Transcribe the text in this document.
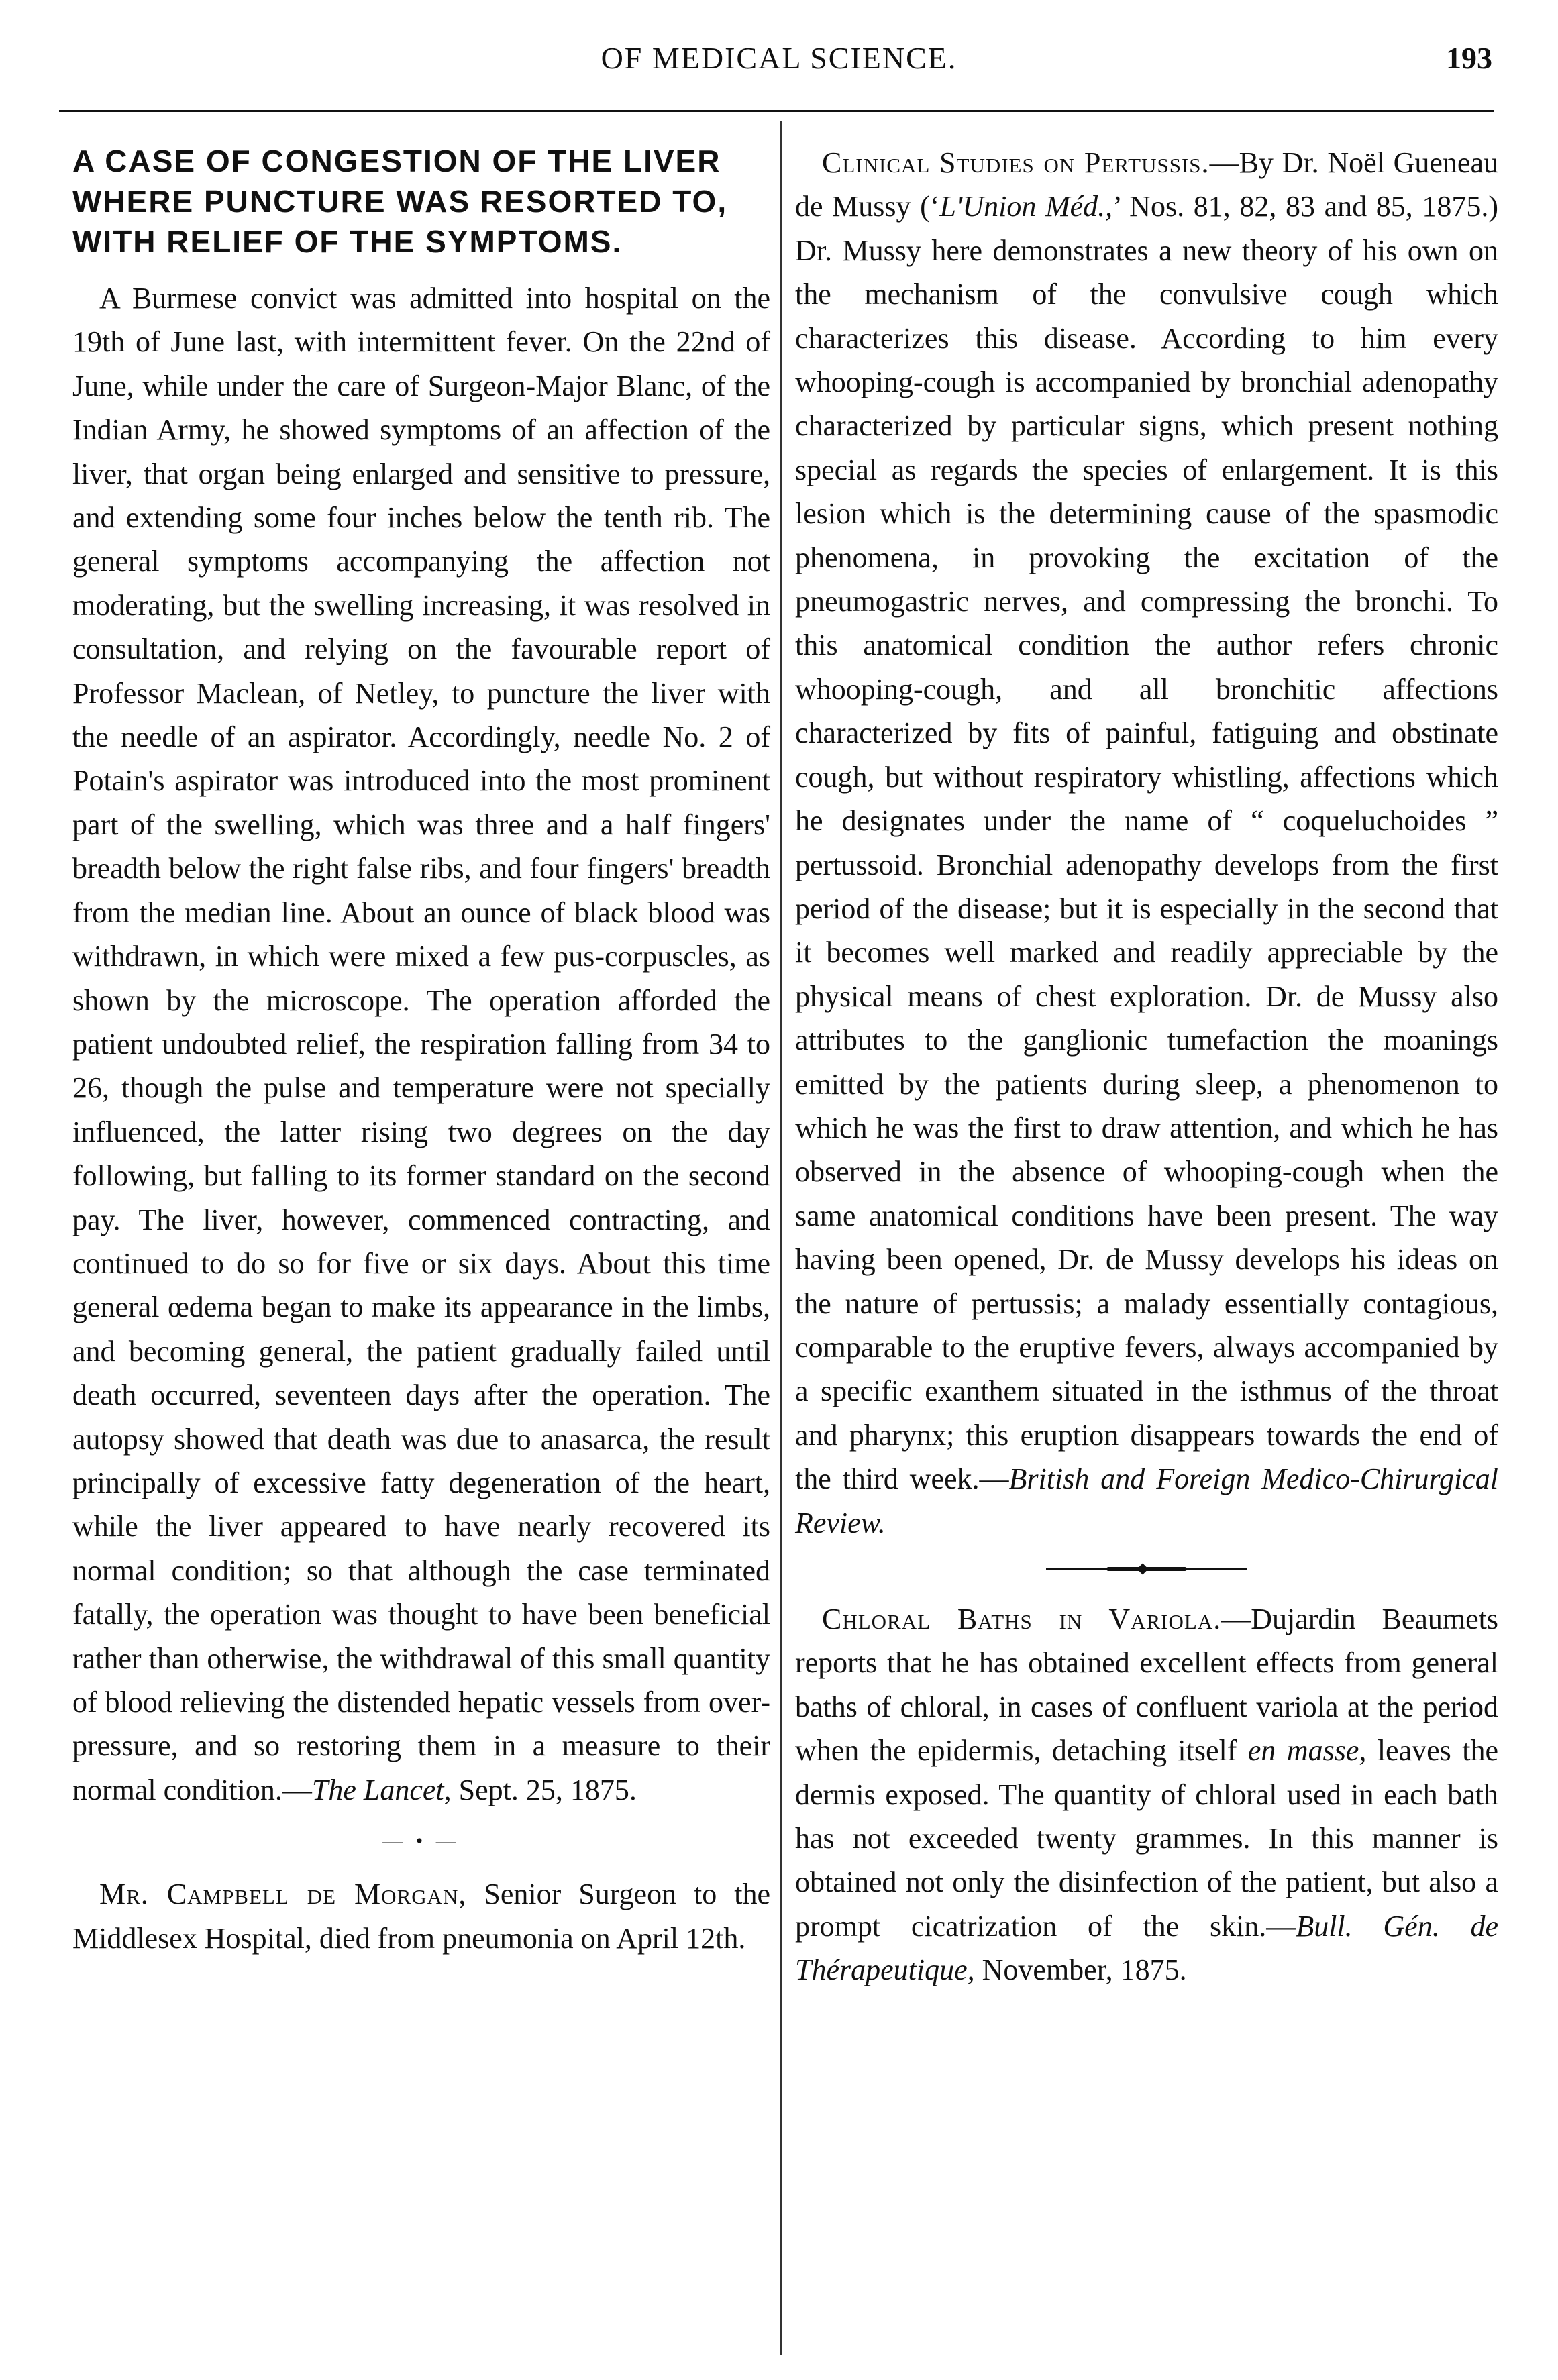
OF MEDICAL SCIENCE.	193
A CASE OF CONGESTION OF THE LIVER WHERE PUNCTURE WAS RESORTED TO, WITH RELIEF OF THE SYMPTOMS.

A Burmese convict was admitted into hospital on the 19th of June last, with intermittent fever. On the 22nd of June, while under the care of Surgeon-Major Blanc, of the Indian Army, he showed symptoms of an affection of the liver, that organ being enlarged and sensitive to pressure, and extending some four inches below the tenth rib. The general symptoms accompanying the affection not moderating, but the swelling increasing, it was resolved in consultation, and relying on the favourable report of Professor Maclean, of Netley, to puncture the liver with the needle of an aspirator. Accordingly, needle No. 2 of Potain's aspirator was introduced into the most prominent part of the swelling, which was three and a half fingers' breadth below the right false ribs, and four fingers' breadth from the median line. About an ounce of black blood was withdrawn, in which were mixed a few pus-corpuscles, as shown by the microscope. The operation afforded the patient undoubted relief, the respiration falling from 34 to 26, though the pulse and temperature were not specially influenced, the latter rising two degrees on the day following, but falling to its former standard on the second pay. The liver, however, commenced contracting, and continued to do so for five or six days. About this time general œdema began to make its appearance in the limbs, and becoming general, the patient gradually failed until death occurred, seventeen days after the operation. The autopsy showed that death was due to anasarca, the result principally of excessive fatty degeneration of the heart, while the liver appeared to have nearly recovered its normal condition; so that although the case terminated fatally, the operation was thought to have been beneficial rather than otherwise, the withdrawal of this small quantity of blood relieving the distended hepatic vessels from over-pressure, and so restoring them in a measure to their normal condition.—The Lancet, Sept. 25, 1875.

— • —

Mr. Campbell de Morgan, Senior Surgeon to the Middlesex Hospital, died from pneumonia on April 12th.

Clinical Studies on Pertussis.—By Dr. Noël Gueneau de Mussy (‘L'Union Méd.,’ Nos. 81, 82, 83 and 85, 1875.) Dr. Mussy here demonstrates a new theory of his own on the mechanism of the convulsive cough which characterizes this disease. According to him every whooping-cough is accompanied by bronchial adenopathy characterized by particular signs, which present nothing special as regards the species of enlargement. It is this lesion which is the determining cause of the spasmodic phenomena, in provoking the excitation of the pneumogastric nerves, and compressing the bronchi. To this anatomical condition the author refers chronic whooping-cough, and all bronchitic affections characterized by fits of painful, fatiguing and obstinate cough, but without respiratory whistling, affections which he designates under the name of “ coqueluchoides ” pertussoid. Bronchial adenopathy develops from the first period of the disease; but it is especially in the second that it becomes well marked and readily appreciable by the physical means of chest exploration. Dr. de Mussy also attributes to the ganglionic tumefaction the moanings emitted by the patients during sleep, a phenomenon to which he was the first to draw attention, and which he has observed in the absence of whooping-cough when the same anatomical conditions have been present. The way having been opened, Dr. de Mussy develops his ideas on the nature of pertussis; a malady essentially contagious, comparable to the eruptive fevers, always accompanied by a specific exanthem situated in the isthmus of the throat and pharynx; this eruption disappears towards the end of the third week.—British and Foreign Medico-Chirurgical Review.

Chloral Baths in Variola.—Dujardin Beaumets reports that he has obtained excellent effects from general baths of chloral, in cases of confluent variola at the period when the epidermis, detaching itself en masse, leaves the dermis exposed. The quantity of chloral used in each bath has not exceeded twenty grammes. In this manner is obtained not only the disinfection of the patient, but also a prompt cicatrization of the skin.—Bull. Gén. de Thérapeutique, November, 1875.
